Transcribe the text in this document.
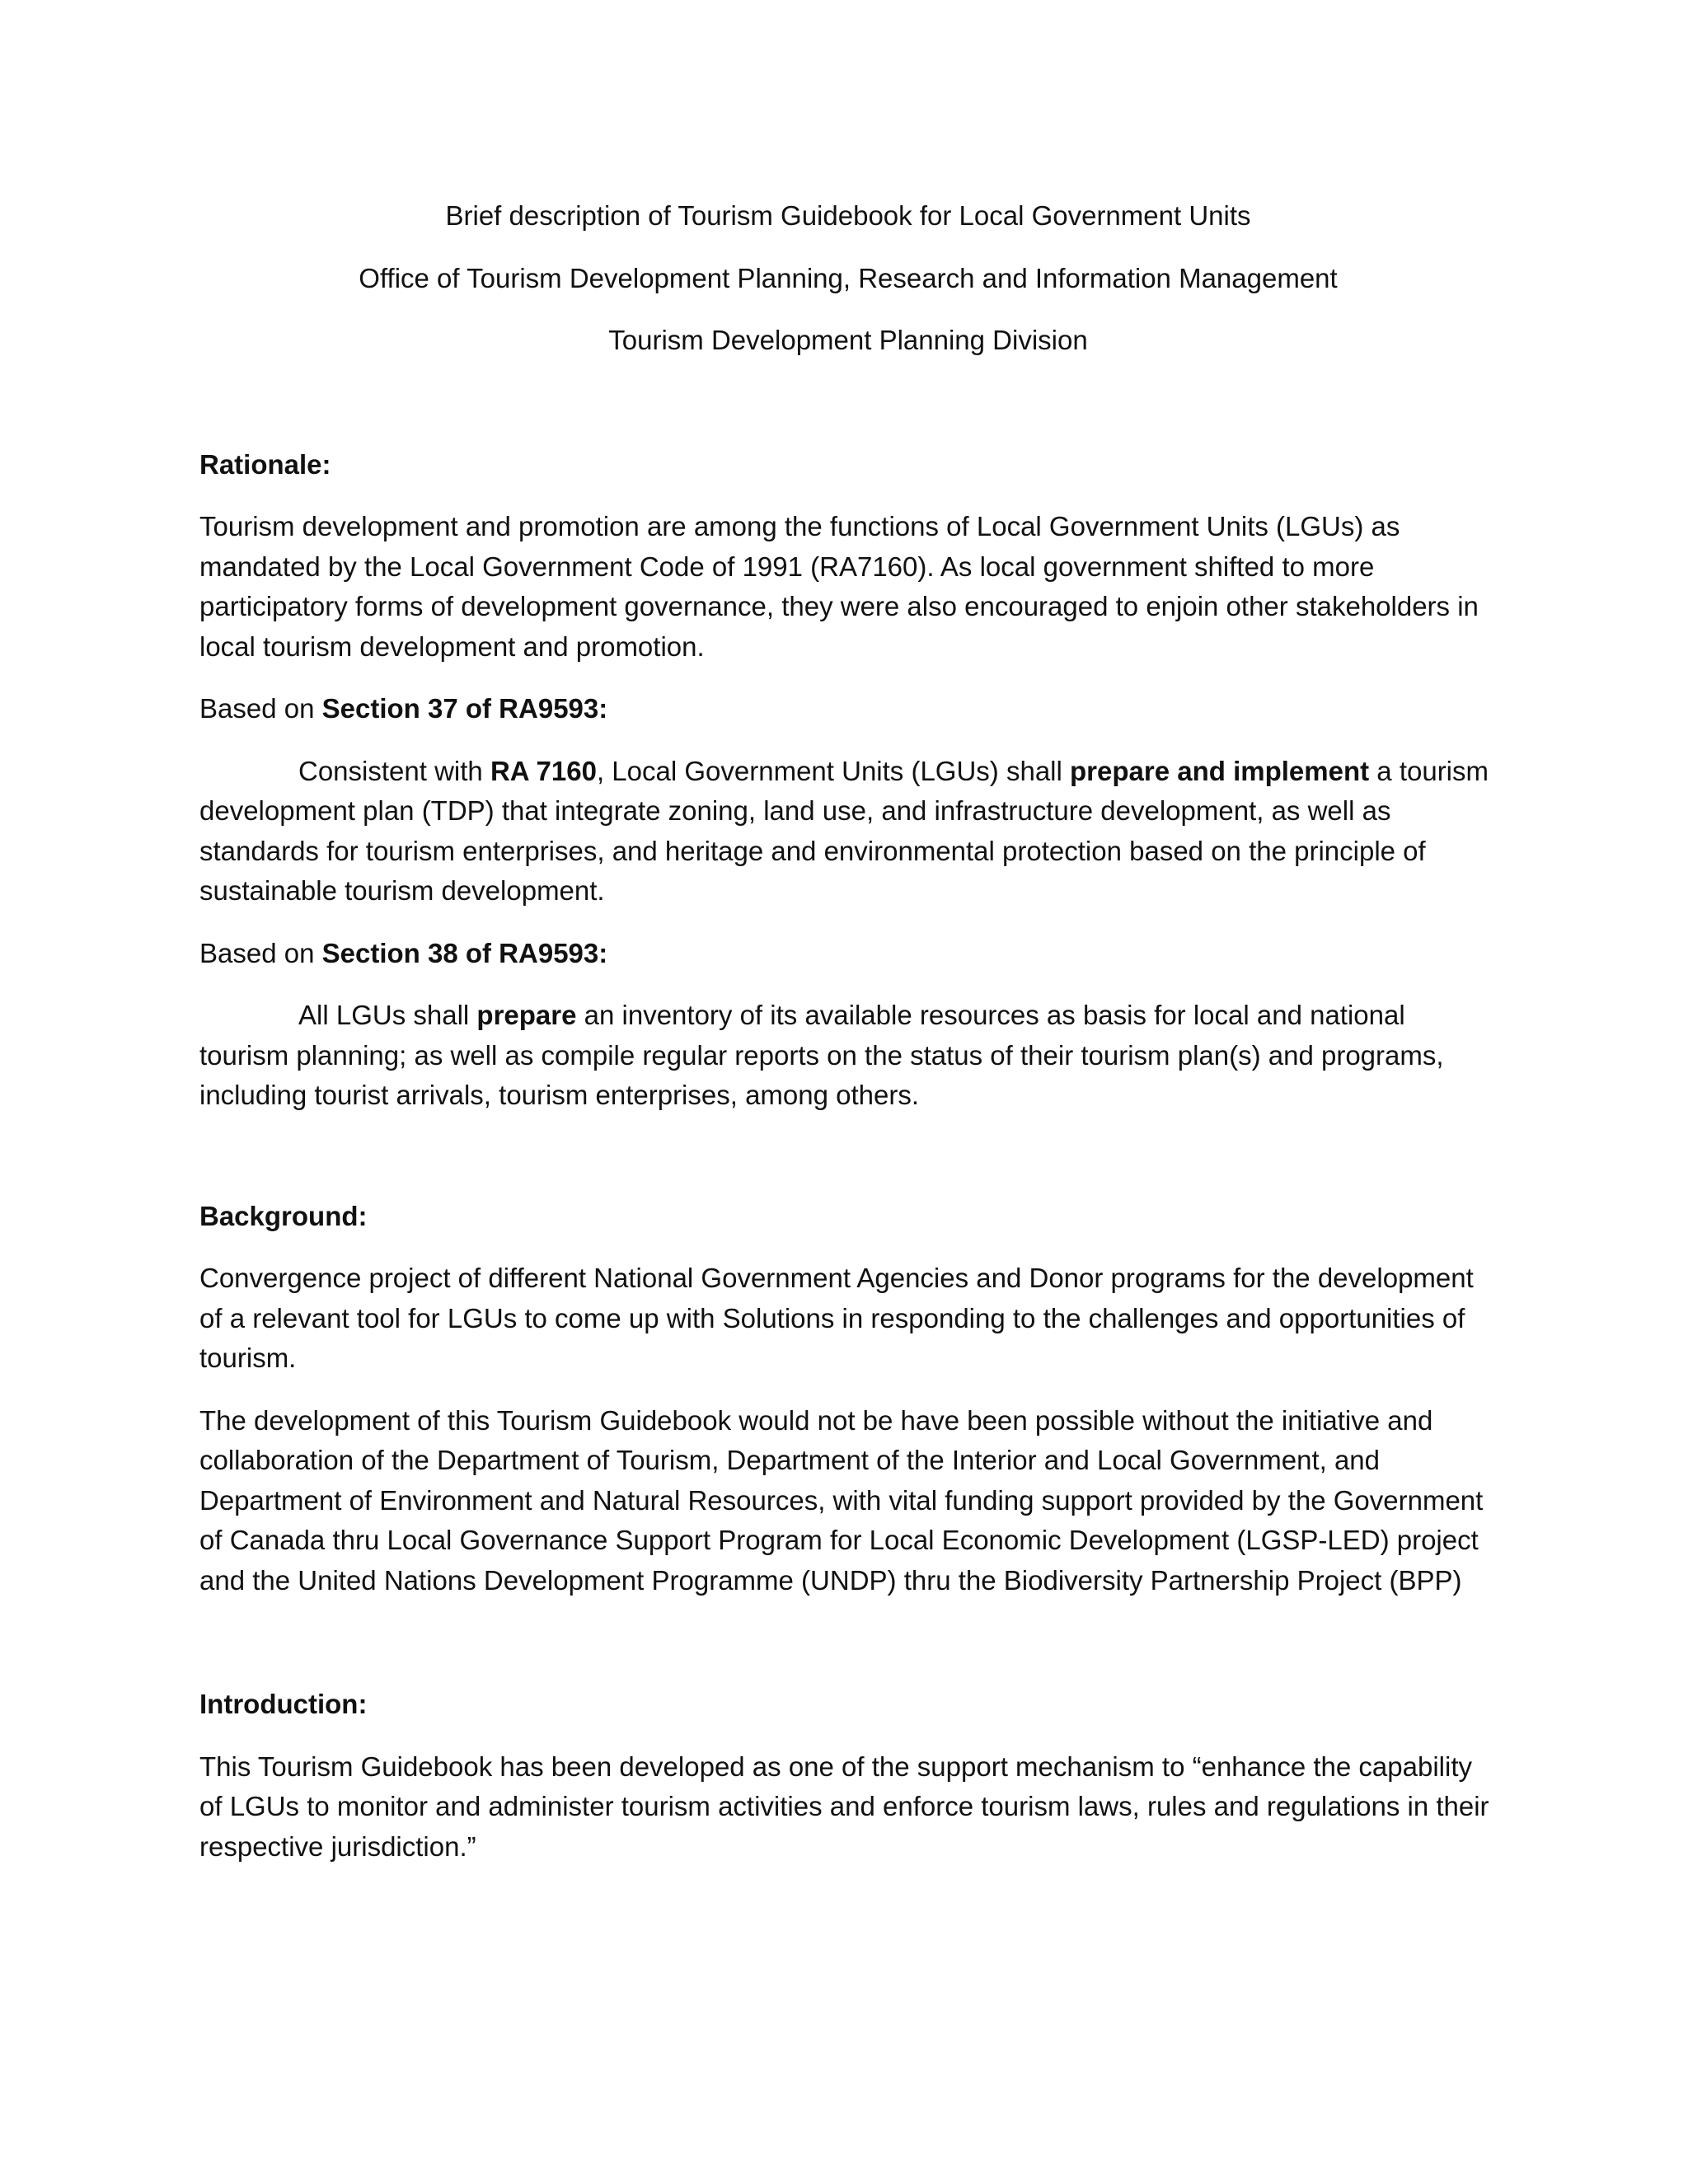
Brief description of Tourism Guidebook for Local Government Units

Office of Tourism Development Planning, Research and Information Management

Tourism Development Planning Division

Rationale:

Tourism development and promotion are among the functions of Local Government Units (LGUs) as mandated by the Local Government Code of 1991 (RA7160). As local government shifted to more participatory forms of development governance, they were also encouraged to enjoin other stakeholders in local tourism development and promotion.

Based on Section 37 of RA9593:

Consistent with RA 7160, Local Government Units (LGUs) shall prepare and implement a tourism development plan (TDP) that integrate zoning, land use, and infrastructure development, as well as standards for tourism enterprises, and heritage and environmental protection based on the principle of sustainable tourism development.

Based on Section 38 of RA9593:

All LGUs shall prepare an inventory of its available resources as basis for local and national tourism planning; as well as compile regular reports on the status of their tourism plan(s) and programs, including tourist arrivals, tourism enterprises, among others.

Background:

Convergence project of different National Government Agencies and Donor programs for the development of a relevant tool for LGUs to come up with Solutions in responding to the challenges and opportunities of tourism.

The development of this Tourism Guidebook would not be have been possible without the initiative and collaboration of the Department of Tourism, Department of the Interior and Local Government, and Department of Environment and Natural Resources, with vital funding support provided by the Government of Canada thru Local Governance Support Program for Local Economic Development (LGSP-LED) project and the United Nations Development Programme (UNDP) thru the Biodiversity Partnership Project (BPP)

Introduction:

This Tourism Guidebook has been developed as one of the support mechanism to “enhance the capability of LGUs to monitor and administer tourism activities and enforce tourism laws, rules and regulations in their respective jurisdiction.”
